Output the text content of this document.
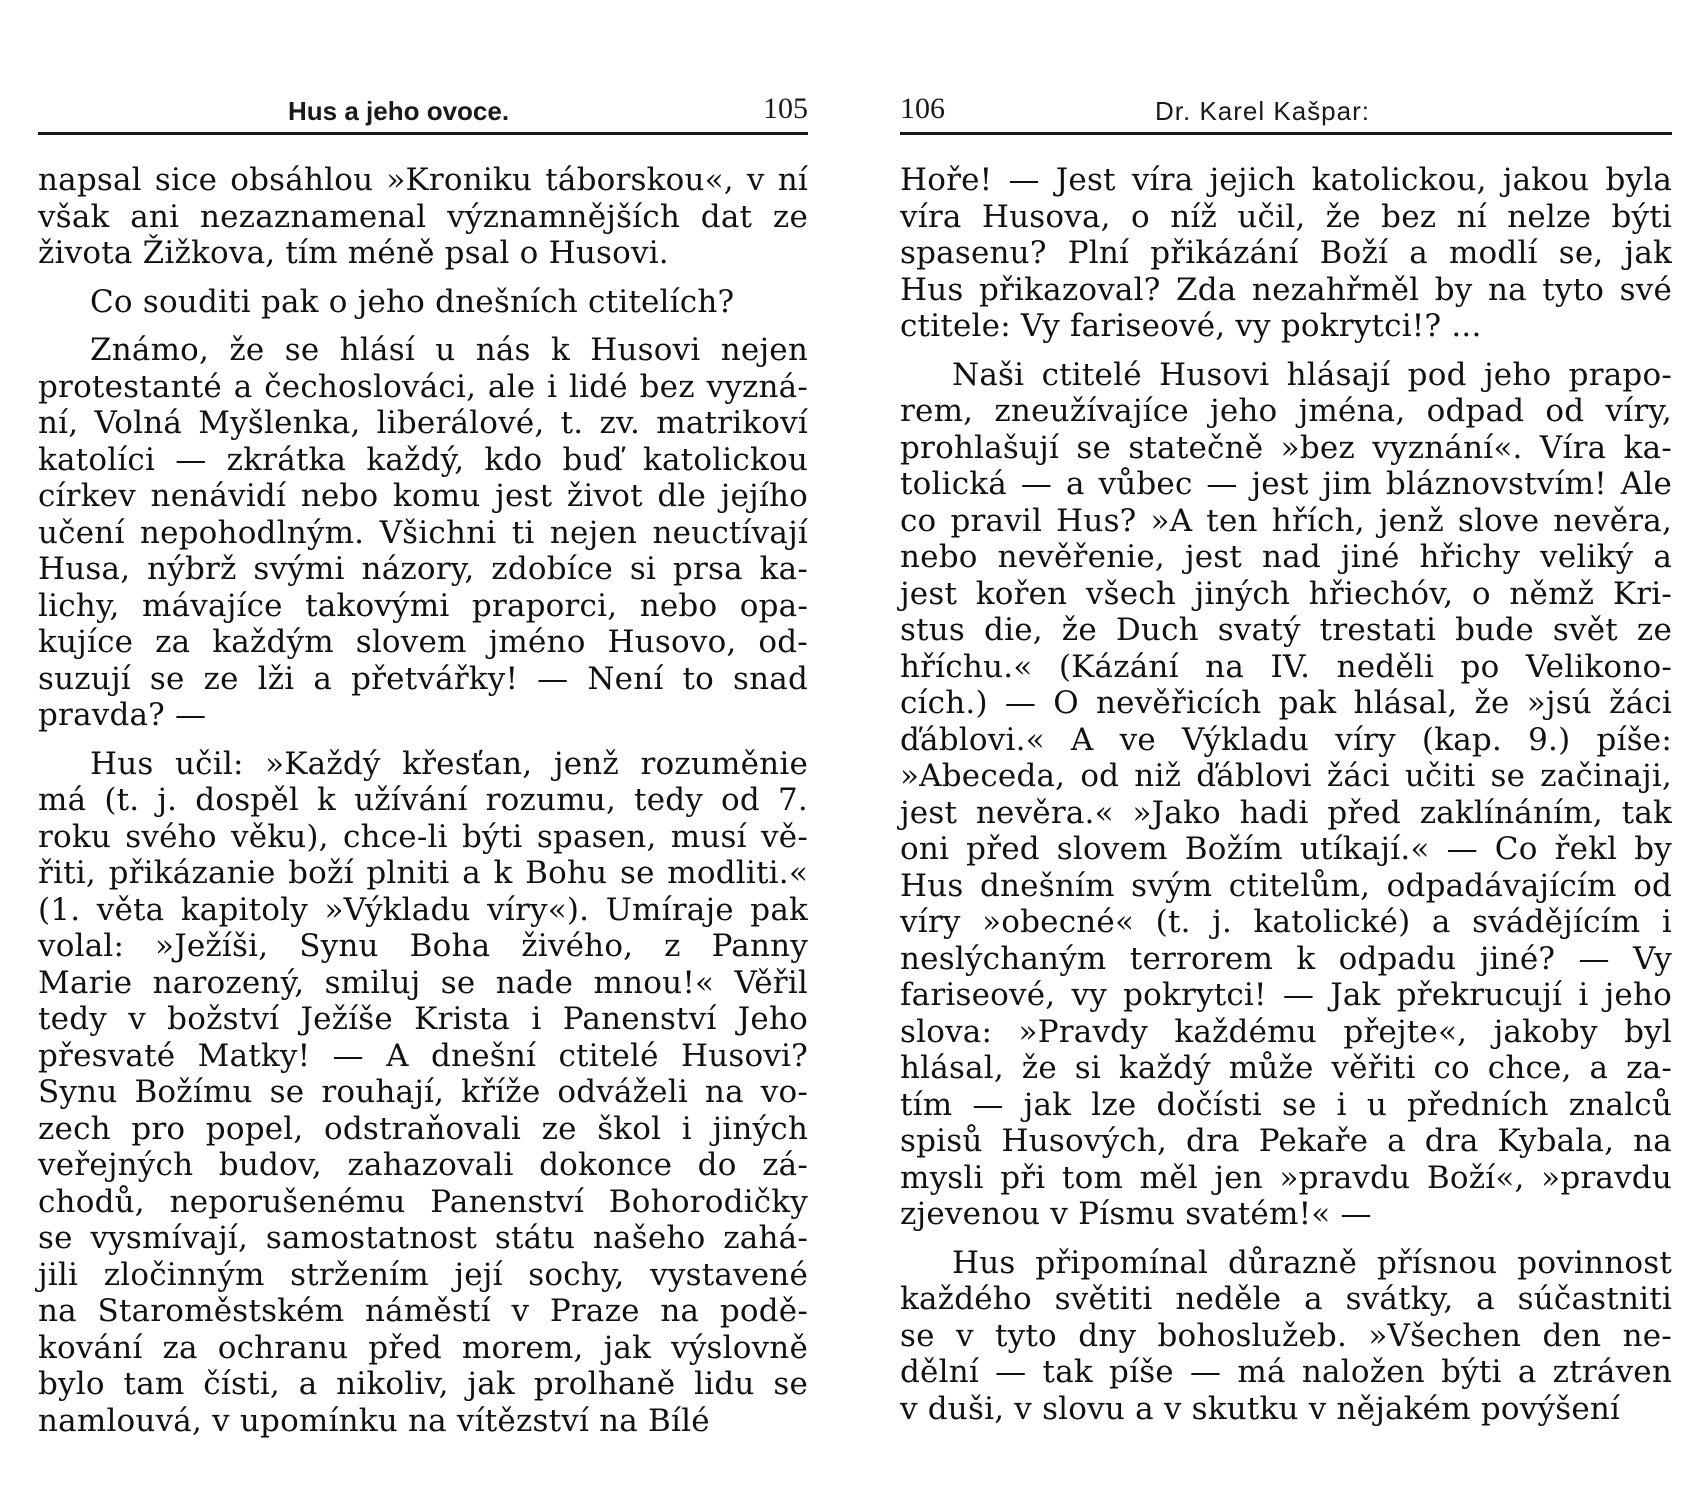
Hus a jeho ovoce.	105

napsal sice obsáhlou »Kroniku táborskou«, v ní
však ani nezaznamenal významnějších dat ze
života Žižkova, tím méně psal o Husovi.

Co souditi pak o jeho dnešních ctitelích?

Známo, že se hlásí u nás k Husovi nejen
protestanté a čechoslováci, ale i lidé bez vyzná-
ní, Volná Myšlenka, liberálové, t. zv. matrikoví
katolíci — zkrátka každý, kdo buď katolickou
církev nenávidí nebo komu jest život dle jejího
učení nepohodlným. Všichni ti nejen neuctívají
Husa, nýbrž svými názory, zdobíce si prsa ka-
lichy, mávajíce takovými praporci, nebo opa-
kujíce za každým slovem jméno Husovo, od-
suzují se ze lži a přetvářky! — Není to snad
pravda? —

Hus učil: »Každý křesťan, jenž rozuměnie
má (t. j. dospěl k užívání rozumu, tedy od 7.
roku svého věku), chce-li býti spasen, musí vě-
řiti, přikázanie boží plniti a k Bohu se modliti.«
(1. věta kapitoly »Výkladu víry«). Umíraje pak
volal: »Ježíši, Synu Boha živého, z Panny
Marie narozený, smiluj se nade mnou!« Věřil
tedy v božství Ježíše Krista i Panenství Jeho
přesvaté Matky! — A dnešní ctitelé Husovi?
Synu Božímu se rouhají, kříže odváželi na vo-
zech pro popel, odstraňovali ze škol i jiných
veřejných budov, zahazovali dokonce do zá-
chodů, neporušenému Panenství Bohorodičky
se vysmívají, samostatnost státu našeho zahá-
jili zločinným stržením její sochy, vystavené
na Staroměstském náměstí v Praze na podě-
kování za ochranu před morem, jak výslovně
bylo tam čísti, a nikoliv, jak prolhaně lidu se
namlouvá, v upomínku na vítězství na Bílé

106	Dr. Karel Kašpar:

Hoře! — Jest víra jejich katolickou, jakou byla
víra Husova, o níž učil, že bez ní nelze býti
spasenu? Plní přikázání Boží a modlí se, jak
Hus přikazoval? Zda nezahřměl by na tyto své
ctitele: Vy fariseové, vy pokrytci!? ...

Naši ctitelé Husovi hlásají pod jeho prapo-
rem, zneužívajíce jeho jména, odpad od víry,
prohlašují se statečně »bez vyznání«. Víra ka-
tolická — a vůbec — jest jim bláznovstvím! Ale
co pravil Hus? »A ten hřích, jenž slove nevěra,
nebo nevěřenie, jest nad jiné hřichy veliký a
jest kořen všech jiných hřiechóv, o němž Kri-
stus die, že Duch svatý trestati bude svět ze
hříchu.« (Kázání na IV. neděli po Velikono-
cích.) — O nevěřicích pak hlásal, že »jsú žáci
ďáblovi.« A ve Výkladu víry (kap. 9.) píše:
»Abeceda, od niž ďáblovi žáci učiti se začinaji,
jest nevěra.« »Jako hadi před zaklínáním, tak
oni před slovem Božím utíkají.« — Co řekl by
Hus dnešním svým ctitelům, odpadávajícím od
víry »obecné« (t. j. katolické) a svádějícím i
neslýchaným terrorem k odpadu jiné? — Vy
fariseové, vy pokrytci! — Jak překrucují i jeho
slova: »Pravdy každému přejte«, jakoby byl
hlásal, že si každý může věřiti co chce, a za-
tím — jak lze dočísti se i u předních znalců
spisů Husových, dra Pekaře a dra Kybala, na
mysli při tom měl jen »pravdu Boží«, »pravdu
zjevenou v Písmu svatém!« —

Hus připomínal důrazně přísnou povinnost
každého světiti neděle a svátky, a súčastniti
se v tyto dny bohoslužeb. »Všechen den ne-
dělní — tak píše — má naložen býti a ztráven
v duši, v slovu a v skutku v nějakém povýšení
